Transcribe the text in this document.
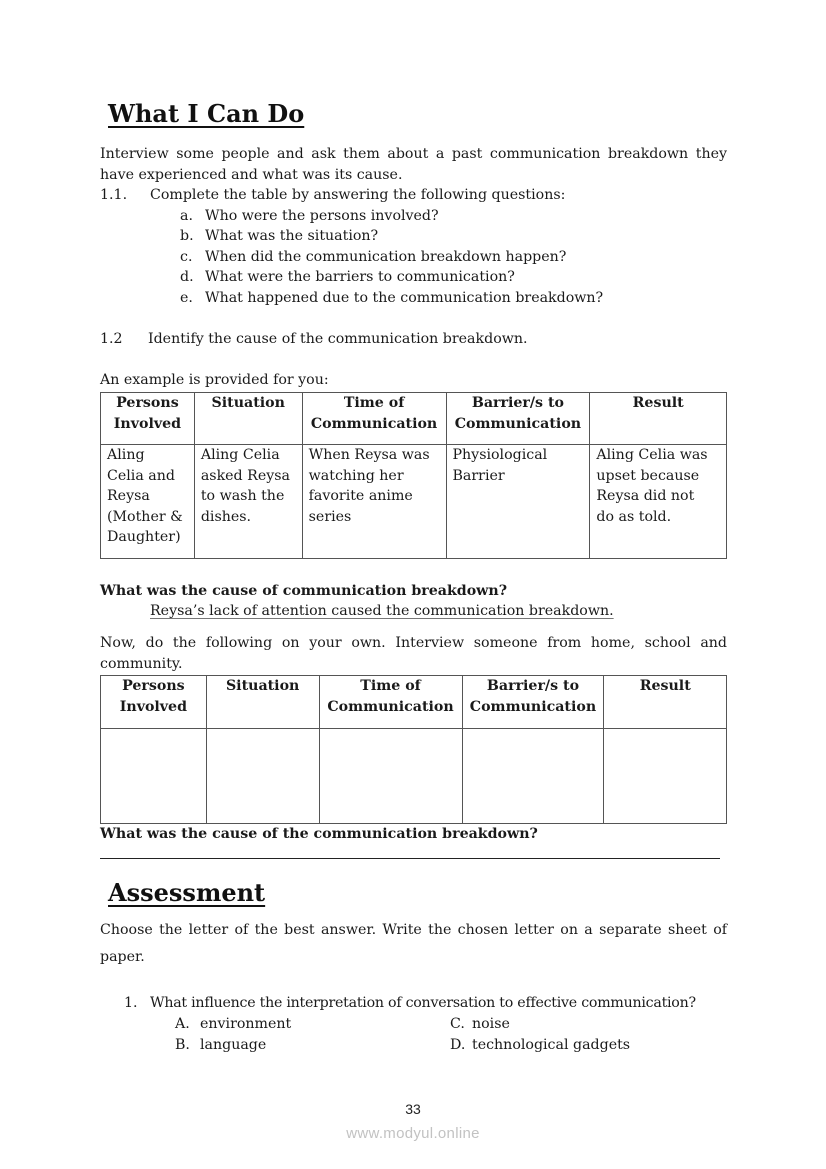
What I Can Do
Interview some people and ask them about a past communication breakdown they
have experienced and what was its cause.
1.1. Complete the table by answering the following questions:
a. Who were the persons involved?
b. What was the situation?
c. When did the communication breakdown happen?
d. What were the barriers to communication?
e. What happened due to the communication breakdown?
1.2 Identify the cause of the communication breakdown.
An example is provided for you:
Persons
Involved	Situation	Time of
Communication	Barrier/s to
Communication	Result
Aling
Celia and
Reysa
(Mother &
Daughter)	Aling Celia
asked Reysa
to wash the
dishes.	When Reysa was
watching her
favorite anime
series	Physiological
Barrier	Aling Celia was
upset because
Reysa did not
do as told.
What was the cause of communication breakdown?
Reysa’s lack of attention caused the communication breakdown.
Now, do the following on your own. Interview someone from home, school and
community.
Persons
Involved	Situation	Time of
Communication	Barrier/s to
Communication	Result

What was the cause of the communication breakdown?
Assessment
Choose the letter of the best answer. Write the chosen letter on a separate sheet of
paper.
1. What influence the interpretation of conversation to effective communication?
A. environment
B. language
C. noise
D. technological gadgets
33
www.modyul.online
